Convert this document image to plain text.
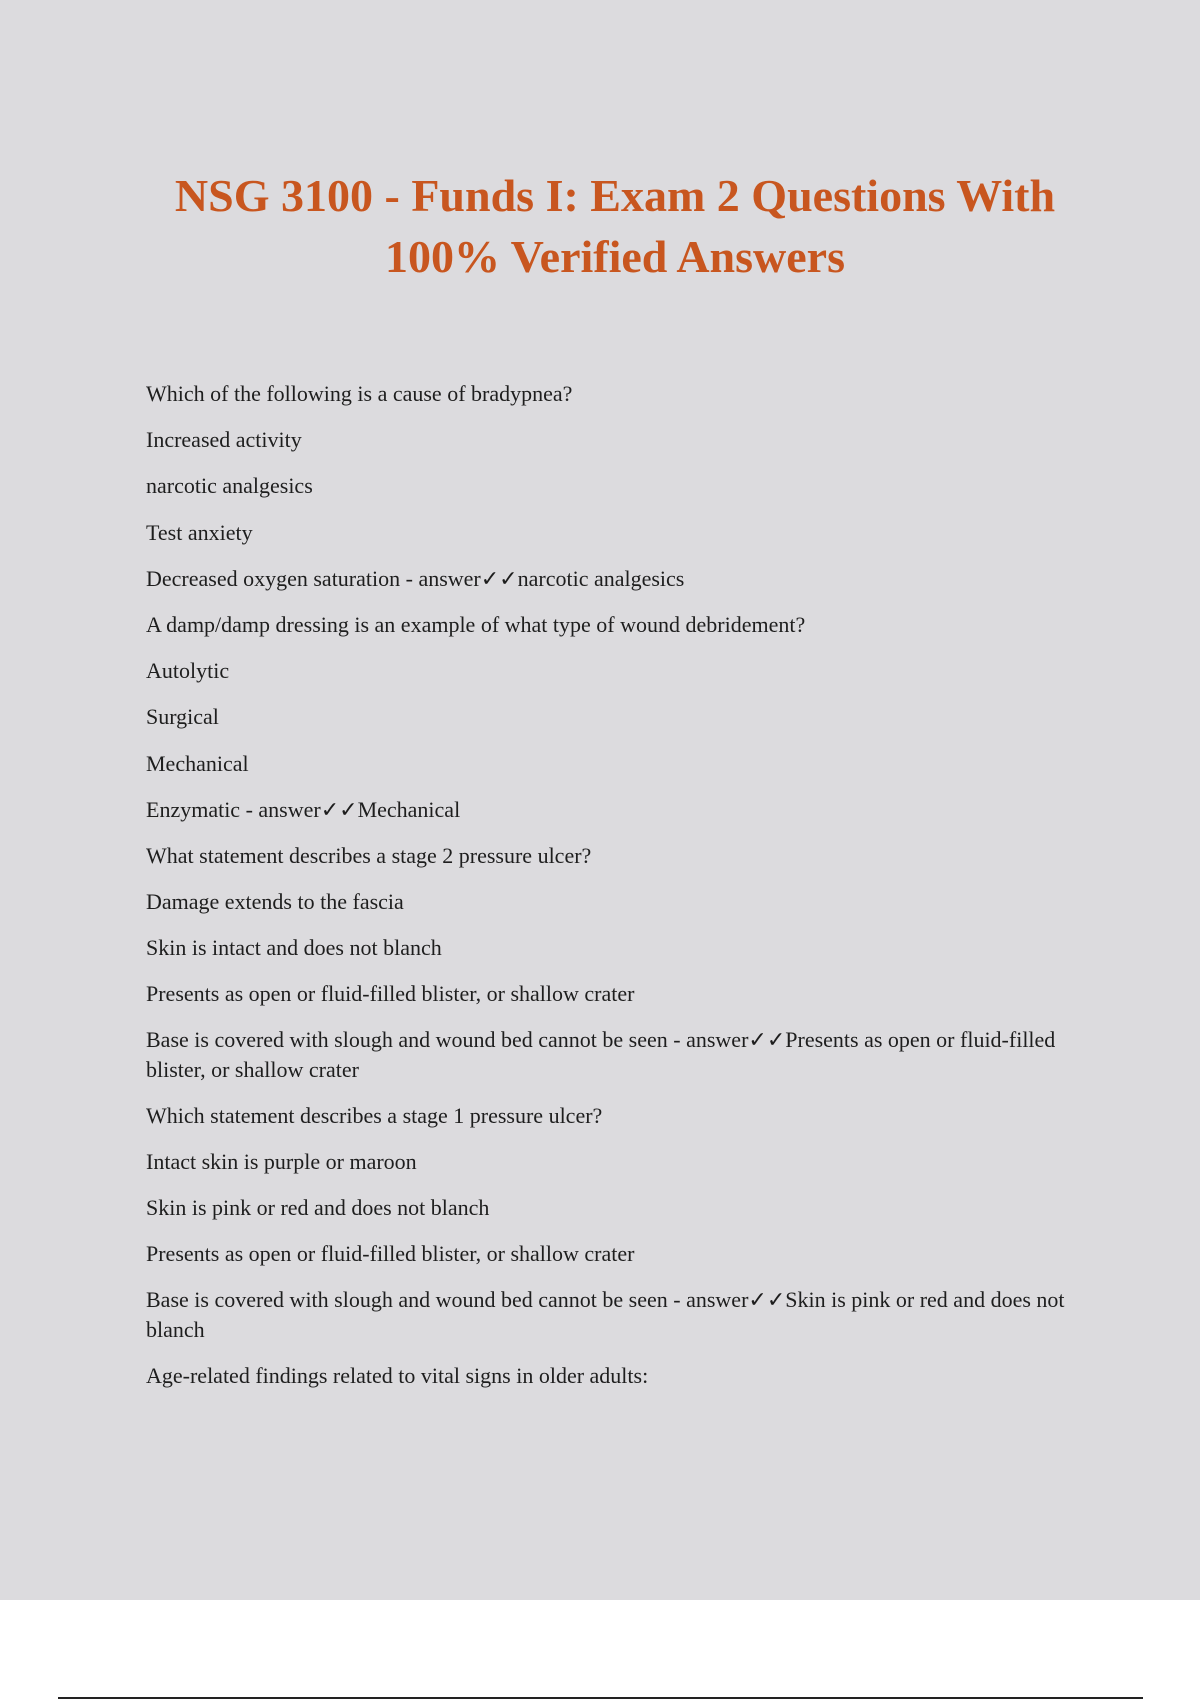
NSG 3100 - Funds I: Exam 2 Questions With 100% Verified Answers

Which of the following is a cause of bradypnea?

Increased activity

narcotic analgesics

Test anxiety

Decreased oxygen saturation - answer✓✓narcotic analgesics

A damp/damp dressing is an example of what type of wound debridement?

Autolytic

Surgical

Mechanical

Enzymatic - answer✓✓Mechanical

What statement describes a stage 2 pressure ulcer?

Damage extends to the fascia

Skin is intact and does not blanch

Presents as open or fluid-filled blister, or shallow crater

Base is covered with slough and wound bed cannot be seen - answer✓✓Presents as open or fluid-filled blister, or shallow crater

Which statement describes a stage 1 pressure ulcer?

Intact skin is purple or maroon

Skin is pink or red and does not blanch

Presents as open or fluid-filled blister, or shallow crater

Base is covered with slough and wound bed cannot be seen - answer✓✓Skin is pink or red and does not blanch

Age-related findings related to vital signs in older adults:
